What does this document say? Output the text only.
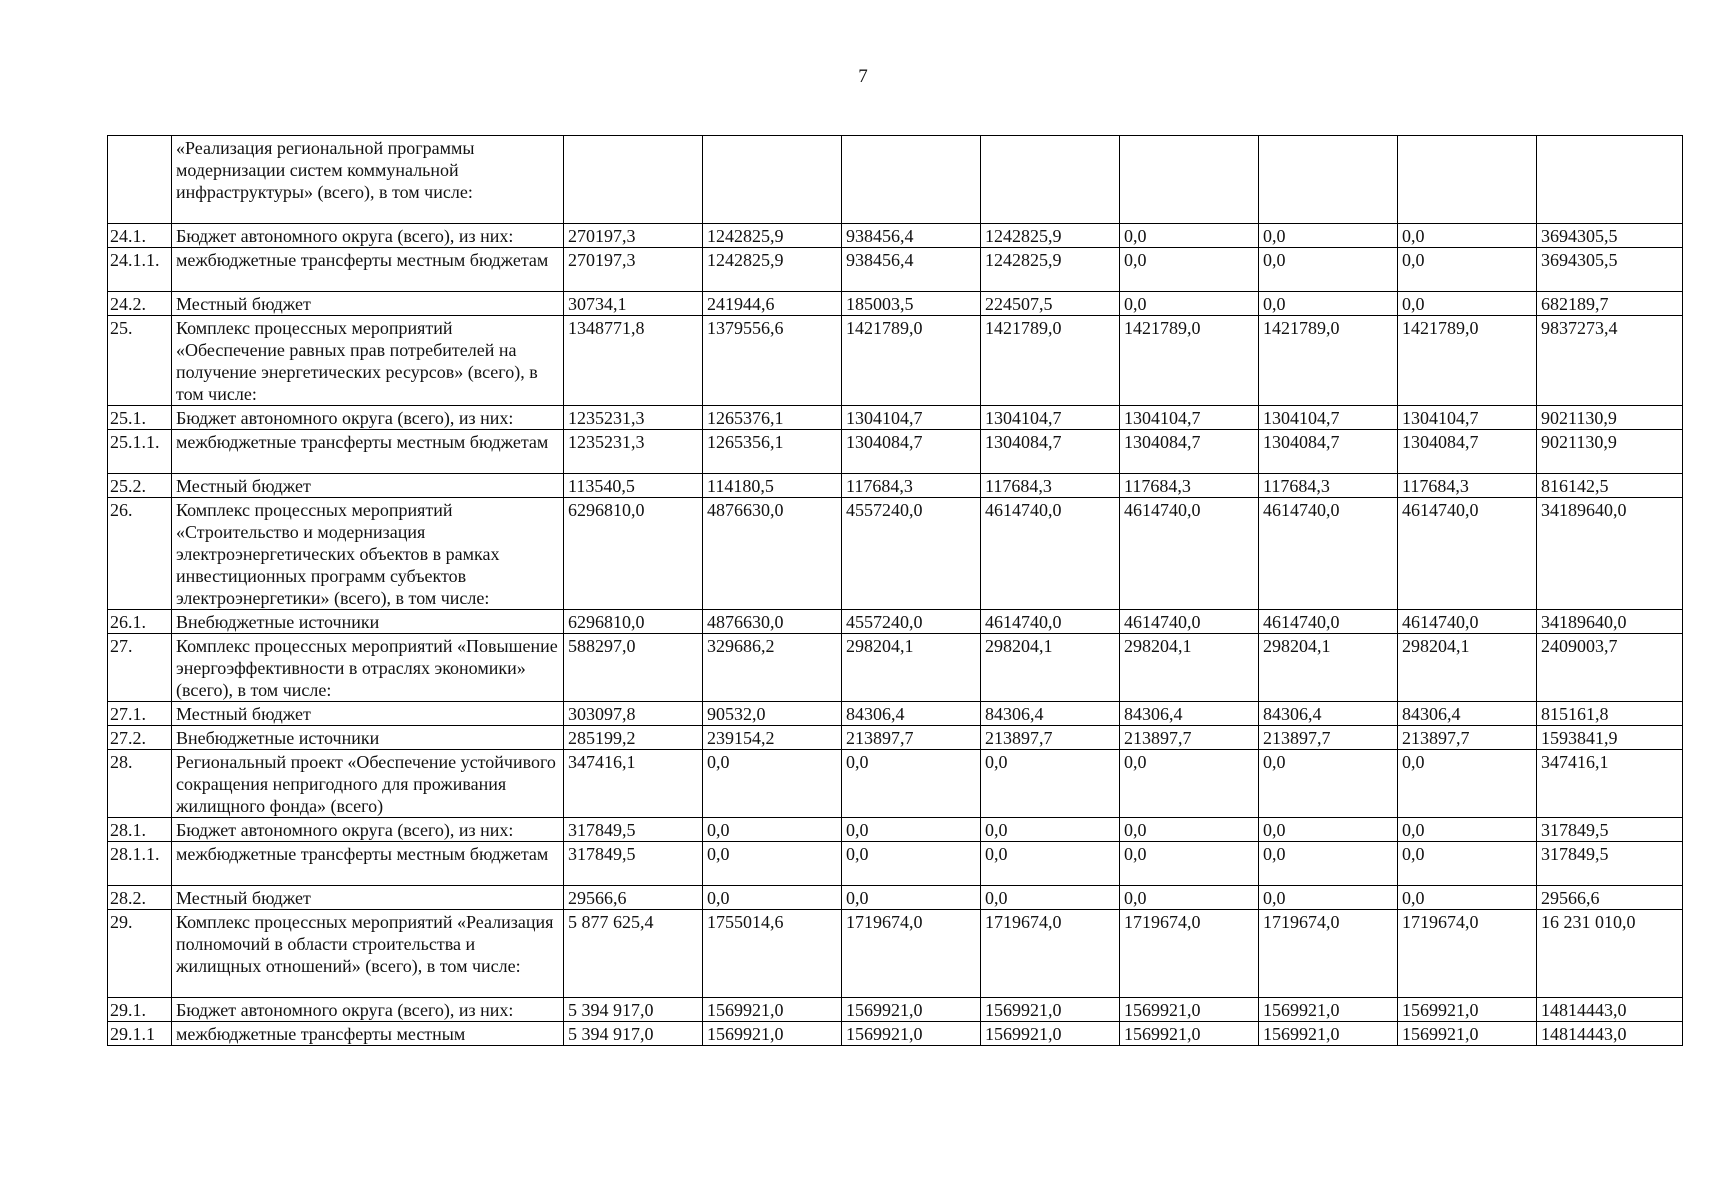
7
	«Реализация региональной программы модернизации систем коммунальной инфраструктуры» (всего), в том числе:								
24.1.	Бюджет автономного округа (всего), из них:	270197,3	1242825,9	938456,4	1242825,9	0,0	0,0	0,0	3694305,5
24.1.1.	межбюджетные трансферты местным бюджетам	270197,3	1242825,9	938456,4	1242825,9	0,0	0,0	0,0	3694305,5
24.2.	Местный бюджет	30734,1	241944,6	185003,5	224507,5	0,0	0,0	0,0	682189,7
25.	Комплекс процессных мероприятий «Обеспечение равных прав потребителей на получение энергетических ресурсов» (всего), в том числе:	1348771,8	1379556,6	1421789,0	1421789,0	1421789,0	1421789,0	1421789,0	9837273,4
25.1.	Бюджет автономного округа (всего), из них:	1235231,3	1265376,1	1304104,7	1304104,7	1304104,7	1304104,7	1304104,7	9021130,9
25.1.1.	межбюджетные трансферты местным бюджетам	1235231,3	1265356,1	1304084,7	1304084,7	1304084,7	1304084,7	1304084,7	9021130,9
25.2.	Местный бюджет	113540,5	114180,5	117684,3	117684,3	117684,3	117684,3	117684,3	816142,5
26.	Комплекс процессных мероприятий «Строительство и модернизация электроэнергетических объектов в рамках инвестиционных программ субъектов электроэнергетики» (всего), в том числе:	6296810,0	4876630,0	4557240,0	4614740,0	4614740,0	4614740,0	4614740,0	34189640,0
26.1.	Внебюджетные источники	6296810,0	4876630,0	4557240,0	4614740,0	4614740,0	4614740,0	4614740,0	34189640,0
27.	Комплекс процессных мероприятий «Повышение энергоэффективности в отраслях экономики» (всего), в том числе:	588297,0	329686,2	298204,1	298204,1	298204,1	298204,1	298204,1	2409003,7
27.1.	Местный бюджет	303097,8	90532,0	84306,4	84306,4	84306,4	84306,4	84306,4	815161,8
27.2.	Внебюджетные источники	285199,2	239154,2	213897,7	213897,7	213897,7	213897,7	213897,7	1593841,9
28.	Региональный проект «Обеспечение устойчивого сокращения непригодного для проживания жилищного фонда» (всего)	347416,1	0,0	0,0	0,0	0,0	0,0	0,0	347416,1
28.1.	Бюджет автономного округа (всего), из них:	317849,5	0,0	0,0	0,0	0,0	0,0	0,0	317849,5
28.1.1.	межбюджетные трансферты местным бюджетам	317849,5	0,0	0,0	0,0	0,0	0,0	0,0	317849,5
28.2.	Местный бюджет	29566,6	0,0	0,0	0,0	0,0	0,0	0,0	29566,6
29.	Комплекс процессных мероприятий «Реализация полномочий в области строительства и жилищных отношений» (всего), в том числе:	5 877 625,4	1755014,6	1719674,0	1719674,0	1719674,0	1719674,0	1719674,0	16 231 010,0
29.1.	Бюджет автономного округа (всего), из них:	5 394 917,0	1569921,0	1569921,0	1569921,0	1569921,0	1569921,0	1569921,0	14814443,0
29.1.1	межбюджетные трансферты местным	5 394 917,0	1569921,0	1569921,0	1569921,0	1569921,0	1569921,0	1569921,0	14814443,0
